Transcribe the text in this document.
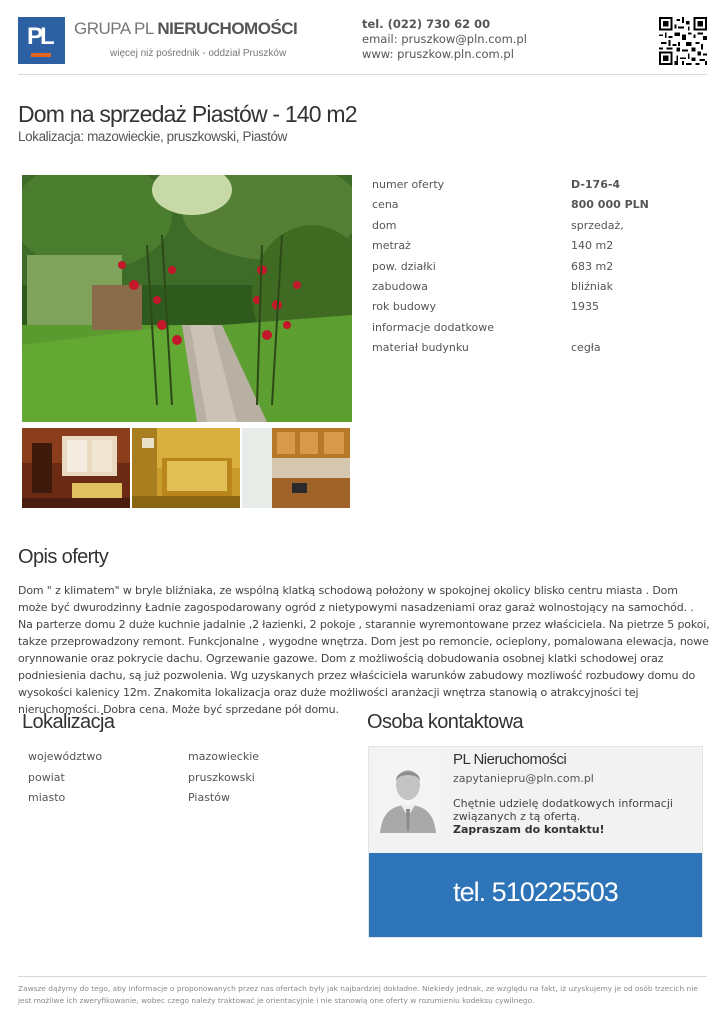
PL GRUPA PL NIERUCHOMOŚCI
więcej niż pośrednik - oddział Pruszków
tel. (022) 730 62 00
email: pruszkow@pln.com.pl
www: pruszkow.pln.com.pl
Dom na sprzedaż Piastów - 140 m2
Lokalizacja: mazowieckie, pruszkowski, Piastów
numer oferty	D-176-4
cena	800 000 PLN
dom	sprzedaż,
metraż	140 m2
pow. działki	683 m2
zabudowa	bliźniak
rok budowy	1935
informacje dodatkowe
materiał budynku	cegła
Opis oferty
Dom " z klimatem" w bryle bliźniaka, ze wspólną klatką schodową położony w spokojnej okolicy blisko centru miasta . Dom może być dwurodzinny Ładnie zagospodarowany ogród z nietypowymi nasadzeniami oraz garaż wolnostojący na samochód. . Na parterze domu 2 duże kuchnie jadalnie ,2 łazienki, 2 pokoje , starannie wyremontowane przez właściciela. Na pietrze 5 pokoi, takze przeprowadzony remont. Funkcjonalne , wygodne wnętrza. Dom jest po remoncie, ocieplony, pomalowana elewacja, nowe orynnowanie oraz pokrycie dachu. Ogrzewanie gazowe. Dom z możliwością dobudowania osobnej klatki schodowej oraz podniesienia dachu, są już pozwolenia. Wg uzyskanych przez właściciela warunków zabudowy mozliwość rozbudowy domu do wysokości kalenicy 12m. Znakomita lokalizacja oraz duże możliwości aranżacji wnętrza stanowią o atrakcyjności tej nieruchomości. Dobra cena. Może być sprzedane pół domu.
Lokalizacja
województwo	mazowieckie
powiat	pruszkowski
miasto	Piastów
Osoba kontaktowa
PL Nieruchomości
zapytaniepru@pln.com.pl
Chętnie udzielę dodatkowych informacji związanych z tą ofertą.
Zapraszam do kontaktu!
tel. 510225503
Zawsze dążymy do tego, aby informacje o proponowanych przez nas ofertach były jak najbardziej dokładne. Niekiedy jednak, ze względu na fakt, iż uzyskujemy je od osób trzecich nie jest możliwe ich zweryfikowanie, wobec czego należy traktować je orientacyjnie i nie stanowią one oferty w rozumieniu kodeksu cywilnego.
